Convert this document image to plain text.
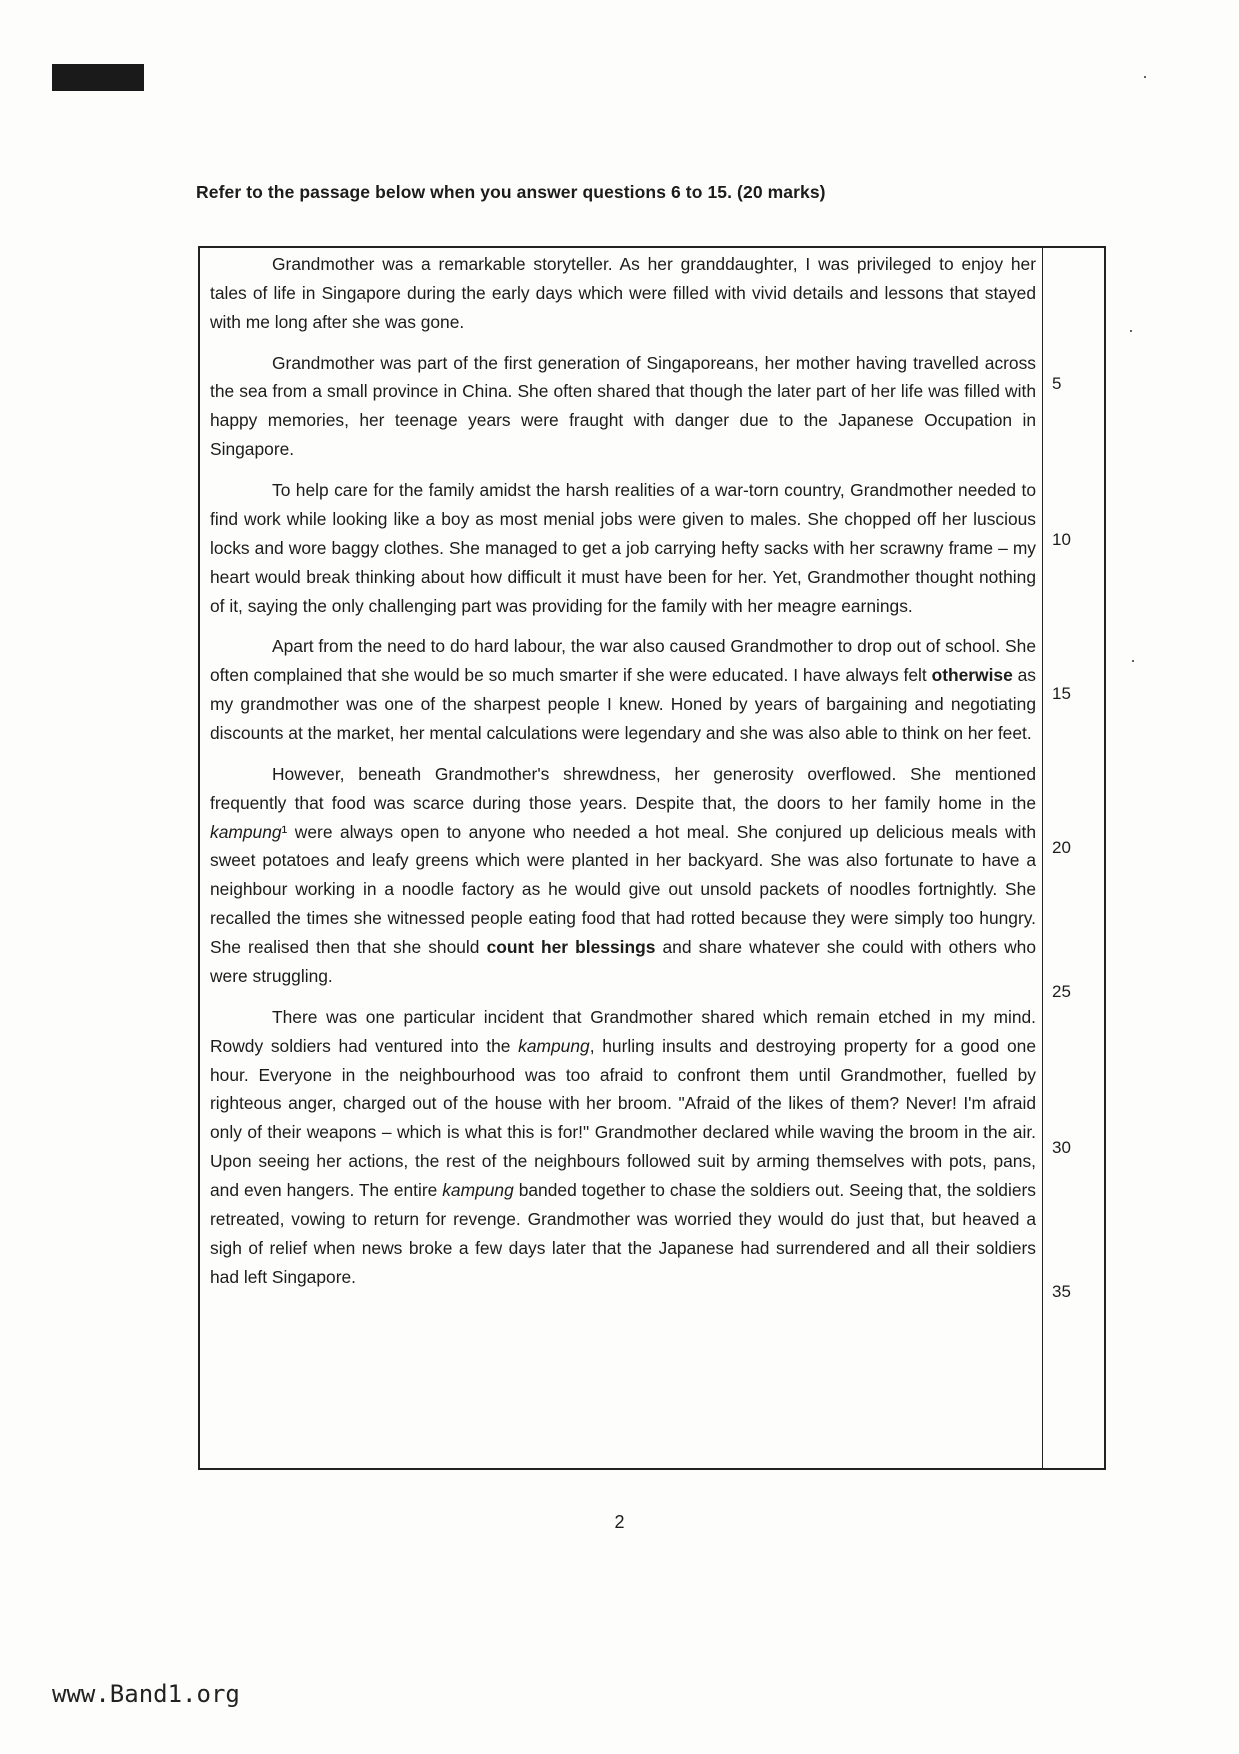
Refer to the passage below when you answer questions 6 to 15. (20 marks)

Grandmother was a remarkable storyteller. As her granddaughter, I was privileged to enjoy her tales of life in Singapore during the early days which were filled with vivid details and lessons that stayed with me long after she was gone.

Grandmother was part of the first generation of Singaporeans, her mother having travelled across the sea from a small province in China. She often shared that though the later part of her life was filled with happy memories, her teenage years were fraught with danger due to the Japanese Occupation in Singapore.

To help care for the family amidst the harsh realities of a war-torn country, Grandmother needed to find work while looking like a boy as most menial jobs were given to males. She chopped off her luscious locks and wore baggy clothes. She managed to get a job carrying hefty sacks with her scrawny frame – my heart would break thinking about how difficult it must have been for her. Yet, Grandmother thought nothing of it, saying the only challenging part was providing for the family with her meagre earnings.

Apart from the need to do hard labour, the war also caused Grandmother to drop out of school. She often complained that she would be so much smarter if she were educated. I have always felt otherwise as my grandmother was one of the sharpest people I knew. Honed by years of bargaining and negotiating discounts at the market, her mental calculations were legendary and she was also able to think on her feet.

However, beneath Grandmother's shrewdness, her generosity overflowed. She mentioned frequently that food was scarce during those years. Despite that, the doors to her family home in the kampung¹ were always open to anyone who needed a hot meal. She conjured up delicious meals with sweet potatoes and leafy greens which were planted in her backyard. She was also fortunate to have a neighbour working in a noodle factory as he would give out unsold packets of noodles fortnightly. She recalled the times she witnessed people eating food that had rotted because they were simply too hungry. She realised then that she should count her blessings and share whatever she could with others who were struggling.

There was one particular incident that Grandmother shared which remain etched in my mind. Rowdy soldiers had ventured into the kampung, hurling insults and destroying property for a good one hour. Everyone in the neighbourhood was too afraid to confront them until Grandmother, fuelled by righteous anger, charged out of the house with her broom. "Afraid of the likes of them? Never! I'm afraid only of their weapons – which is what this is for!" Grandmother declared while waving the broom in the air. Upon seeing her actions, the rest of the neighbours followed suit by arming themselves with pots, pans, and even hangers. The entire kampung banded together to chase the soldiers out. Seeing that, the soldiers retreated, vowing to return for revenge. Grandmother was worried they would do just that, but heaved a sigh of relief when news broke a few days later that the Japanese had surrendered and all their soldiers had left Singapore.

5
10
15
20
25
30
35
2
www.Band1.org
